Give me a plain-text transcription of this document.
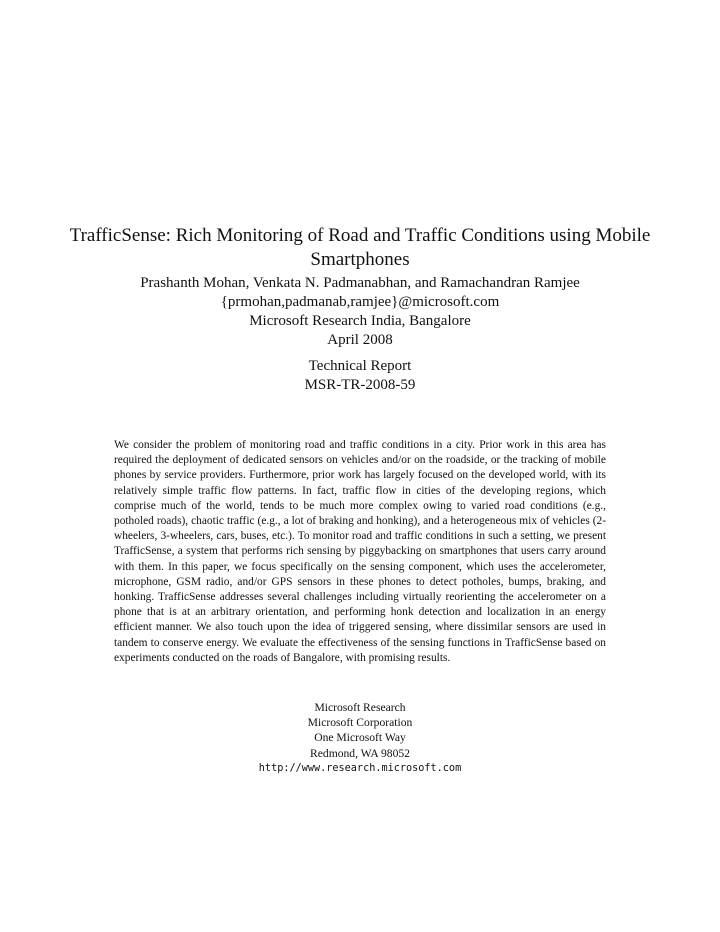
TrafficSense: Rich Monitoring of Road and Traffic Conditions using Mobile
Smartphones
Prashanth Mohan, Venkata N. Padmanabhan, and Ramachandran Ramjee
{prmohan,padmanab,ramjee}@microsoft.com
Microsoft Research India, Bangalore
April 2008
Technical Report
MSR-TR-2008-59

We consider the problem of monitoring road and traffic conditions in a city. Prior work in this area has required the deployment of dedicated sensors on vehicles and/or on the roadside, or the tracking of mobile phones by service providers. Furthermore, prior work has largely focused on the developed world, with its relatively simple traffic flow patterns. In fact, traffic flow in cities of the developing regions, which comprise much of the world, tends to be much more complex owing to varied road conditions (e.g., potholed roads), chaotic traffic (e.g., a lot of braking and honking), and a heterogeneous mix of vehicles (2-wheelers, 3-wheelers, cars, buses, etc.). To monitor road and traffic conditions in such a setting, we present TrafficSense, a system that performs rich sensing by piggybacking on smartphones that users carry around with them. In this paper, we focus specifically on the sensing component, which uses the accelerometer, microphone, GSM radio, and/or GPS sensors in these phones to detect potholes, bumps, braking, and honking. TrafficSense addresses several challenges including virtually reorienting the accelerometer on a phone that is at an arbitrary orientation, and performing honk detection and localization in an energy efficient manner. We also touch upon the idea of triggered sensing, where dissimilar sensors are used in tandem to conserve energy. We evaluate the effectiveness of the sensing functions in TrafficSense based on experiments conducted on the roads of Bangalore, with promising results.

Microsoft Research
Microsoft Corporation
One Microsoft Way
Redmond, WA 98052
http://www.research.microsoft.com
